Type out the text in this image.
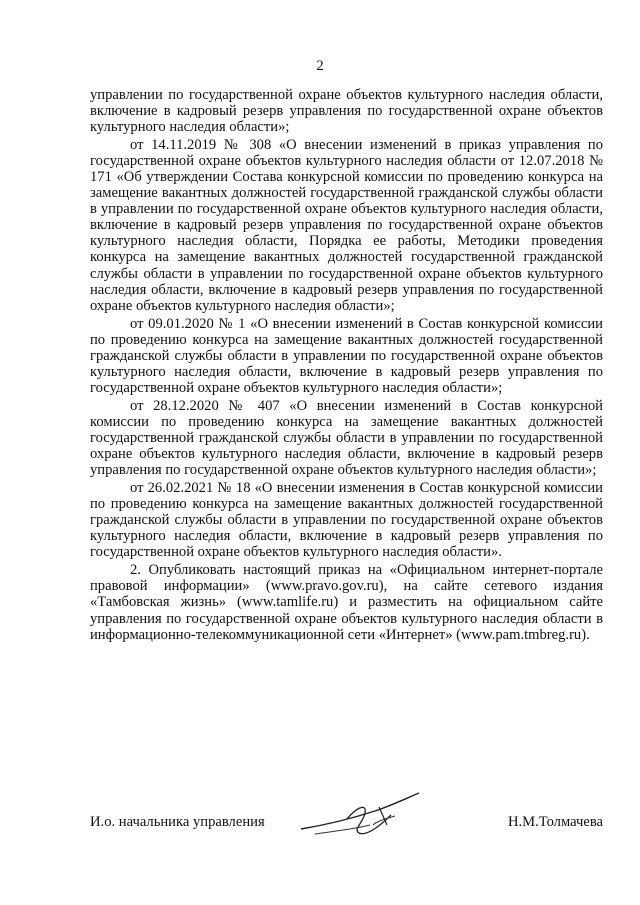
2

управлении по государственной охране объектов культурного наследия области, включение в кадровый резерв управления по государственной охране объектов культурного наследия области»;

от 14.11.2019 № 308 «О внесении изменений в приказ управления по государственной охране объектов культурного наследия области от 12.07.2018 № 171 «Об утверждении Состава конкурсной комиссии по проведению конкурса на замещение вакантных должностей государственной гражданской службы области в управлении по государственной охране объектов культурного наследия области, включение в кадровый резерв управления по государственной охране объектов культурного наследия области, Порядка ее работы, Методики проведения конкурса на замещение вакантных должностей государственной гражданской службы области в управлении по государственной охране объектов культурного наследия области, включение в кадровый резерв управления по государственной охране объектов культурного наследия области»;

от 09.01.2020 № 1 «О внесении изменений в Состав конкурсной комиссии по проведению конкурса на замещение вакантных должностей государственной гражданской службы области в управлении по государственной охране объектов культурного наследия области, включение в кадровый резерв управления по государственной охране объектов культурного наследия области»;

от 28.12.2020 № 407 «О внесении изменений в Состав конкурсной комиссии по проведению конкурса на замещение вакантных должностей государственной гражданской службы области в управлении по государственной охране объектов культурного наследия области, включение в кадровый резерв управления по государственной охране объектов культурного наследия области»;

от 26.02.2021 № 18 «О внесении изменения в Состав конкурсной комиссии по проведению конкурса на замещение вакантных должностей государственной гражданской службы области в управлении по государственной охране объектов культурного наследия области, включение в кадровый резерв управления по государственной охране объектов культурного наследия области».

2. Опубликовать настоящий приказ на «Официальном интернет-портале правовой информации» (www.pravo.gov.ru), на сайте сетевого издания «Тамбовская жизнь» (www.tamlife.ru) и разместить на официальном сайте управления по государственной охране объектов культурного наследия области в информационно-телекоммуникационной сети «Интернет» (www.pam.tmbreg.ru).

И.о. начальника управления	Н.М.Толмачева
